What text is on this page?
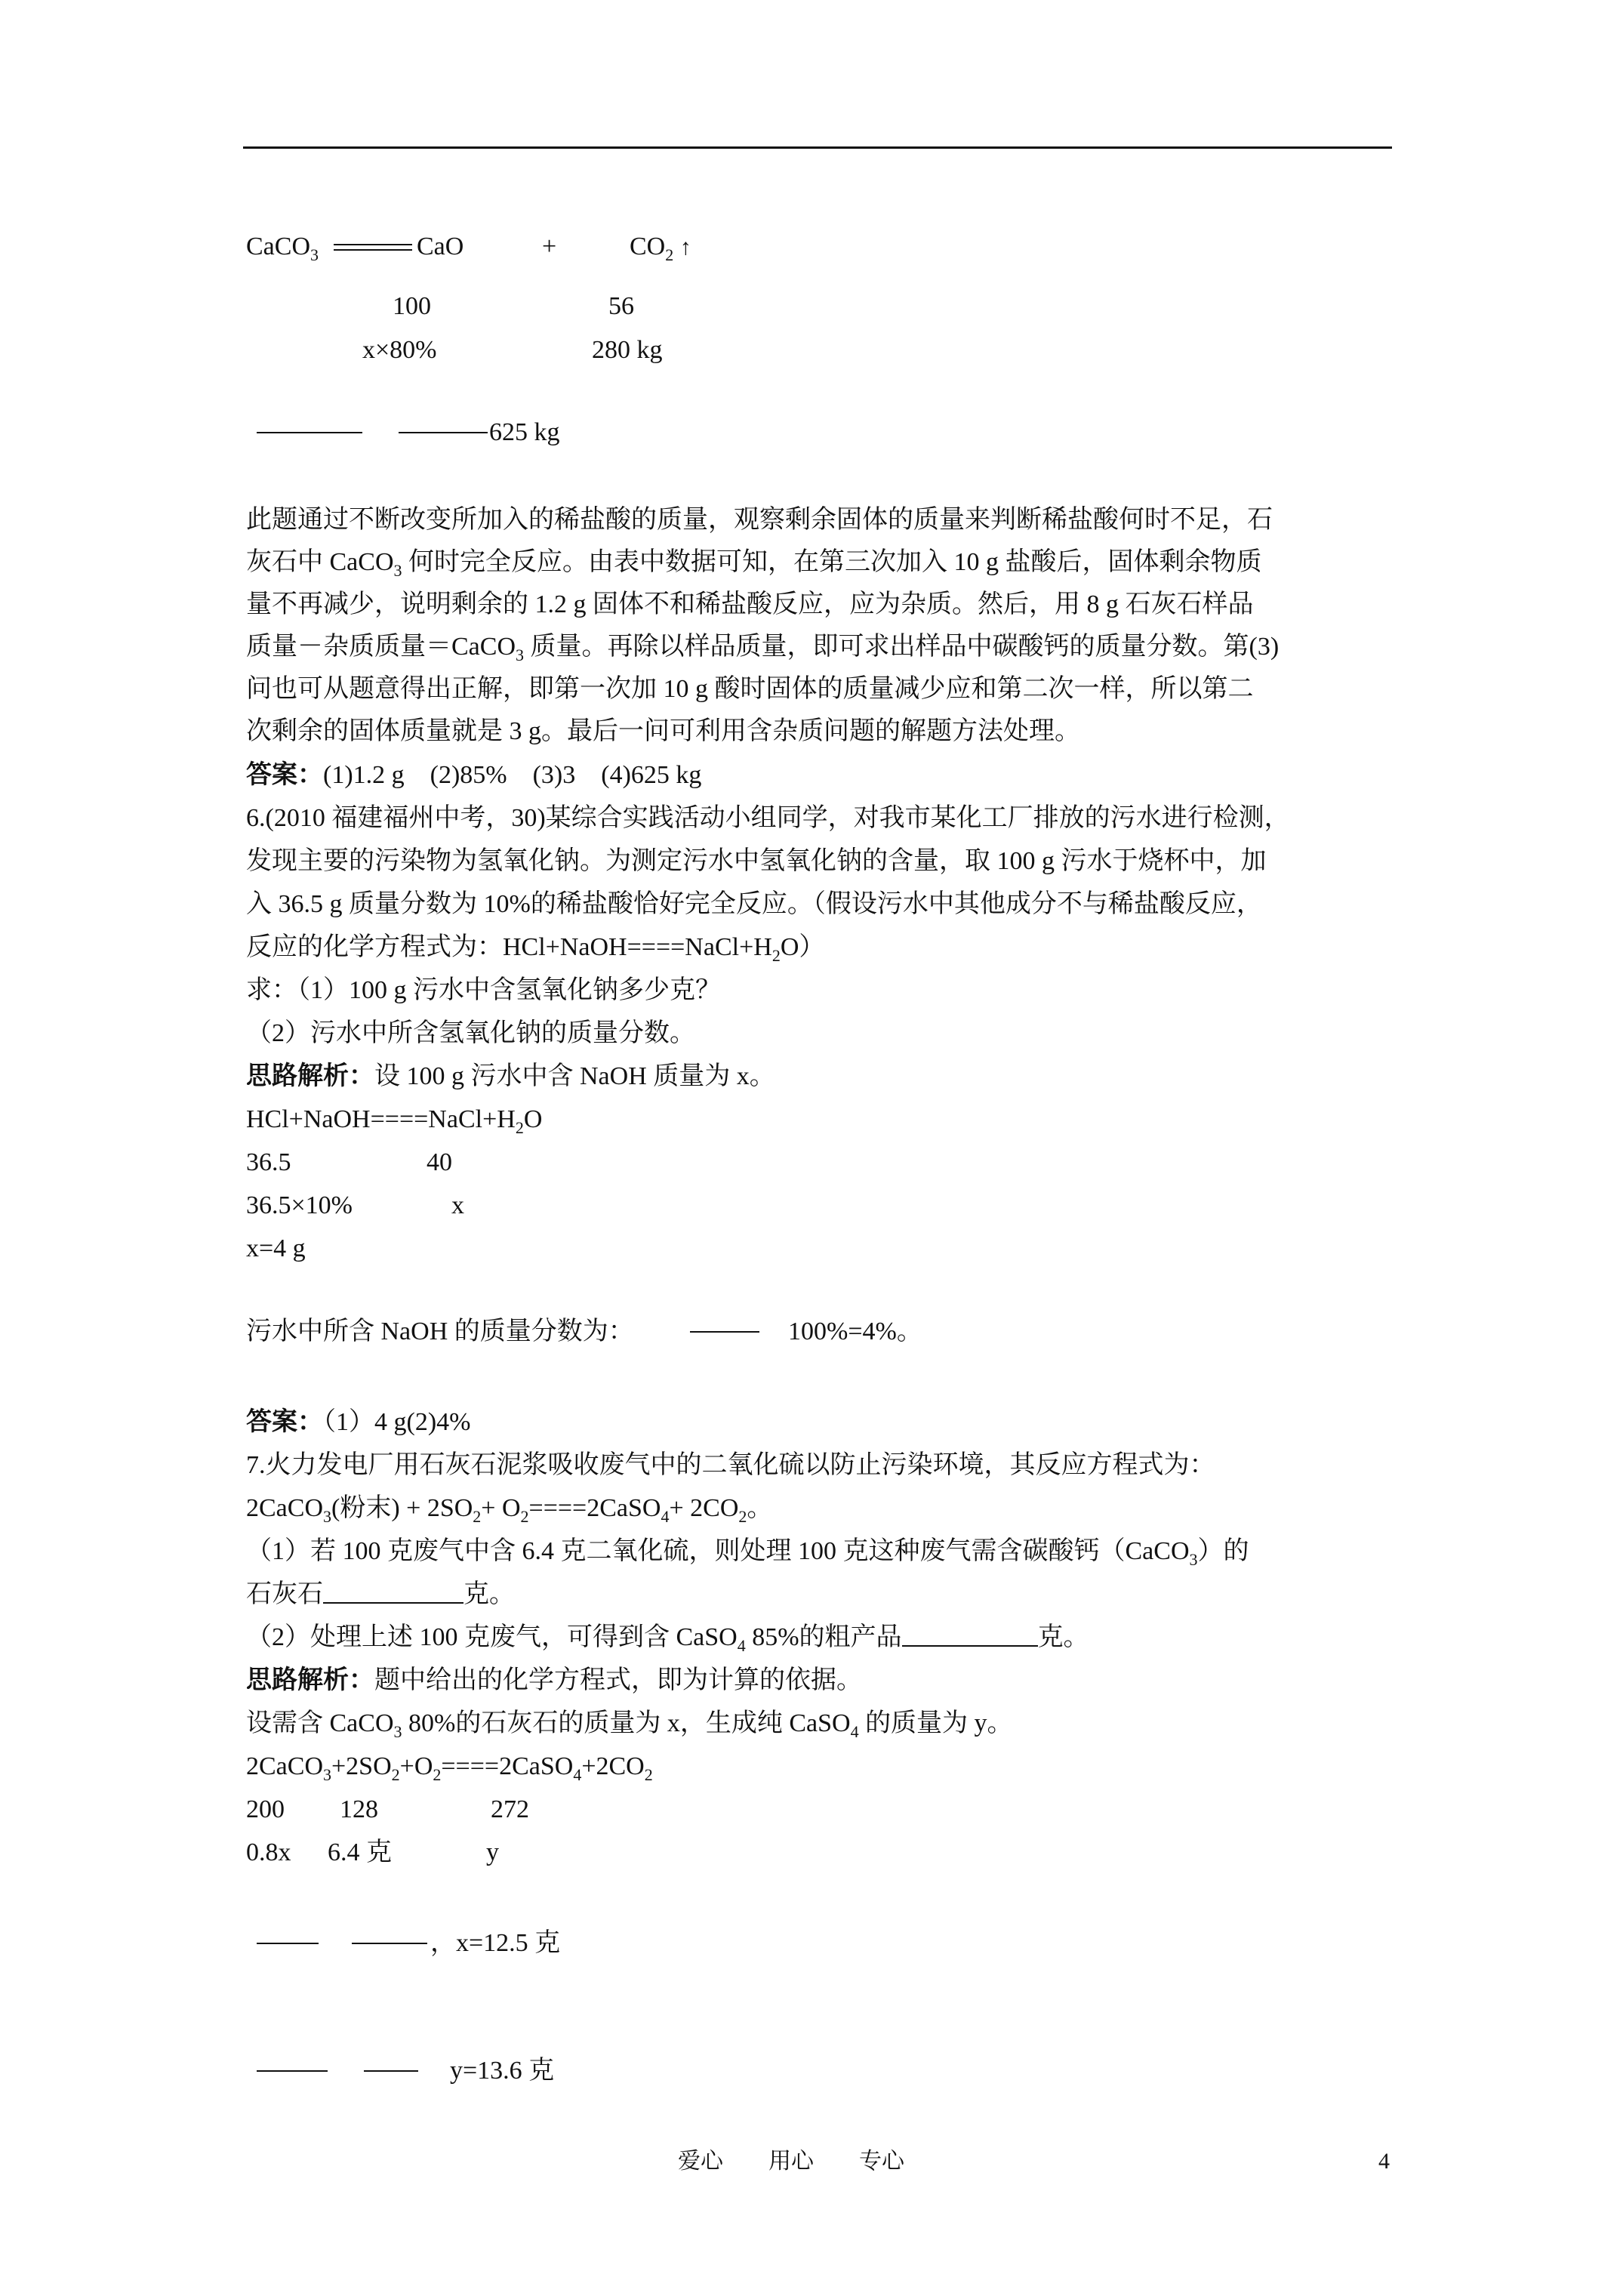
CaCO$_3$	CaO	+	$CO_2$ ↑
100	56
x×80%	280 kg
625 kg
此题通过不断改变所加入的稀盐酸的质量，观察剩余固体的质量来判断稀盐酸何时不足，石
灰石中 CaCO$_3$ 何时完全反应。由表中数据可知，在第三次加入 10 g 盐酸后，固体剩余物质
量不再减少，说明剩余的 1.2 g 固体不和稀盐酸反应，应为杂质。然后，用 8 g 石灰石样品
质量－杂质质量＝CaCO$_3$ 质量。再除以样品质量，即可求出样品中碳酸钙的质量分数。第(3)
问也可从题意得出正解，即第一次加 10 g 酸时固体的质量减少应和第二次一样，所以第二
次剩余的固体质量就是 3 g。最后一问可利用含杂质问题的解题方法处理。
答案：(1)1.2 g　(2)85%　(3)3　(4)625 kg
6.(2010 福建福州中考，30)某综合实践活动小组同学，对我市某化工厂排放的污水进行检测，
发现主要的污染物为氢氧化钠。为测定污水中氢氧化钠的含量，取 100 g 污水于烧杯中，加
入 36.5 g 质量分数为 10%的稀盐酸恰好完全反应。（假设污水中其他成分不与稀盐酸反应，
反应的化学方程式为：$HCl+NaOH====NaCl+H_2O$）
求：（1）100 g 污水中含氢氧化钠多少克？
（2）污水中所含氢氧化钠的质量分数。
思路解析：设 100 g 污水中含 NaOH 质量为 x。
$HCl+NaOH====NaCl+H_2O$
36.5	40
36.5×10%	x
x=4 g
污水中所含 NaOH 的质量分数为：	100%=4%。
答案：（1）4 g(2)4%
7.火力发电厂用石灰石泥浆吸收废气中的二氧化硫以防止污染环境，其反应方程式为：
2CaCO$_3$(粉末) + $2SO_2+$ $O_2====2CaSO_4+ 2CO_2$。
（1）若 100 克废气中含 6.4 克二氧化硫，则处理 100 克这种废气需含碳酸钙（CaCO$_3$）的
石灰石	克。
（2）处理上述 100 克废气，可得到含 CaSO$_4$ 85%的粗产品	克。
思路解析：题中给出的化学方程式，即为计算的依据。
设需含 CaCO$_3$ 80%的石灰石的质量为 x，生成纯 CaSO$_4$ 的质量为 y。
$2CaCO_3+2SO_2+O_2====2CaSO_4+2CO_2$
200 128	272
0.8x 6.4 克	y
，x=12.5 克
y=13.6 克
爱心　　用心　　专心	4
